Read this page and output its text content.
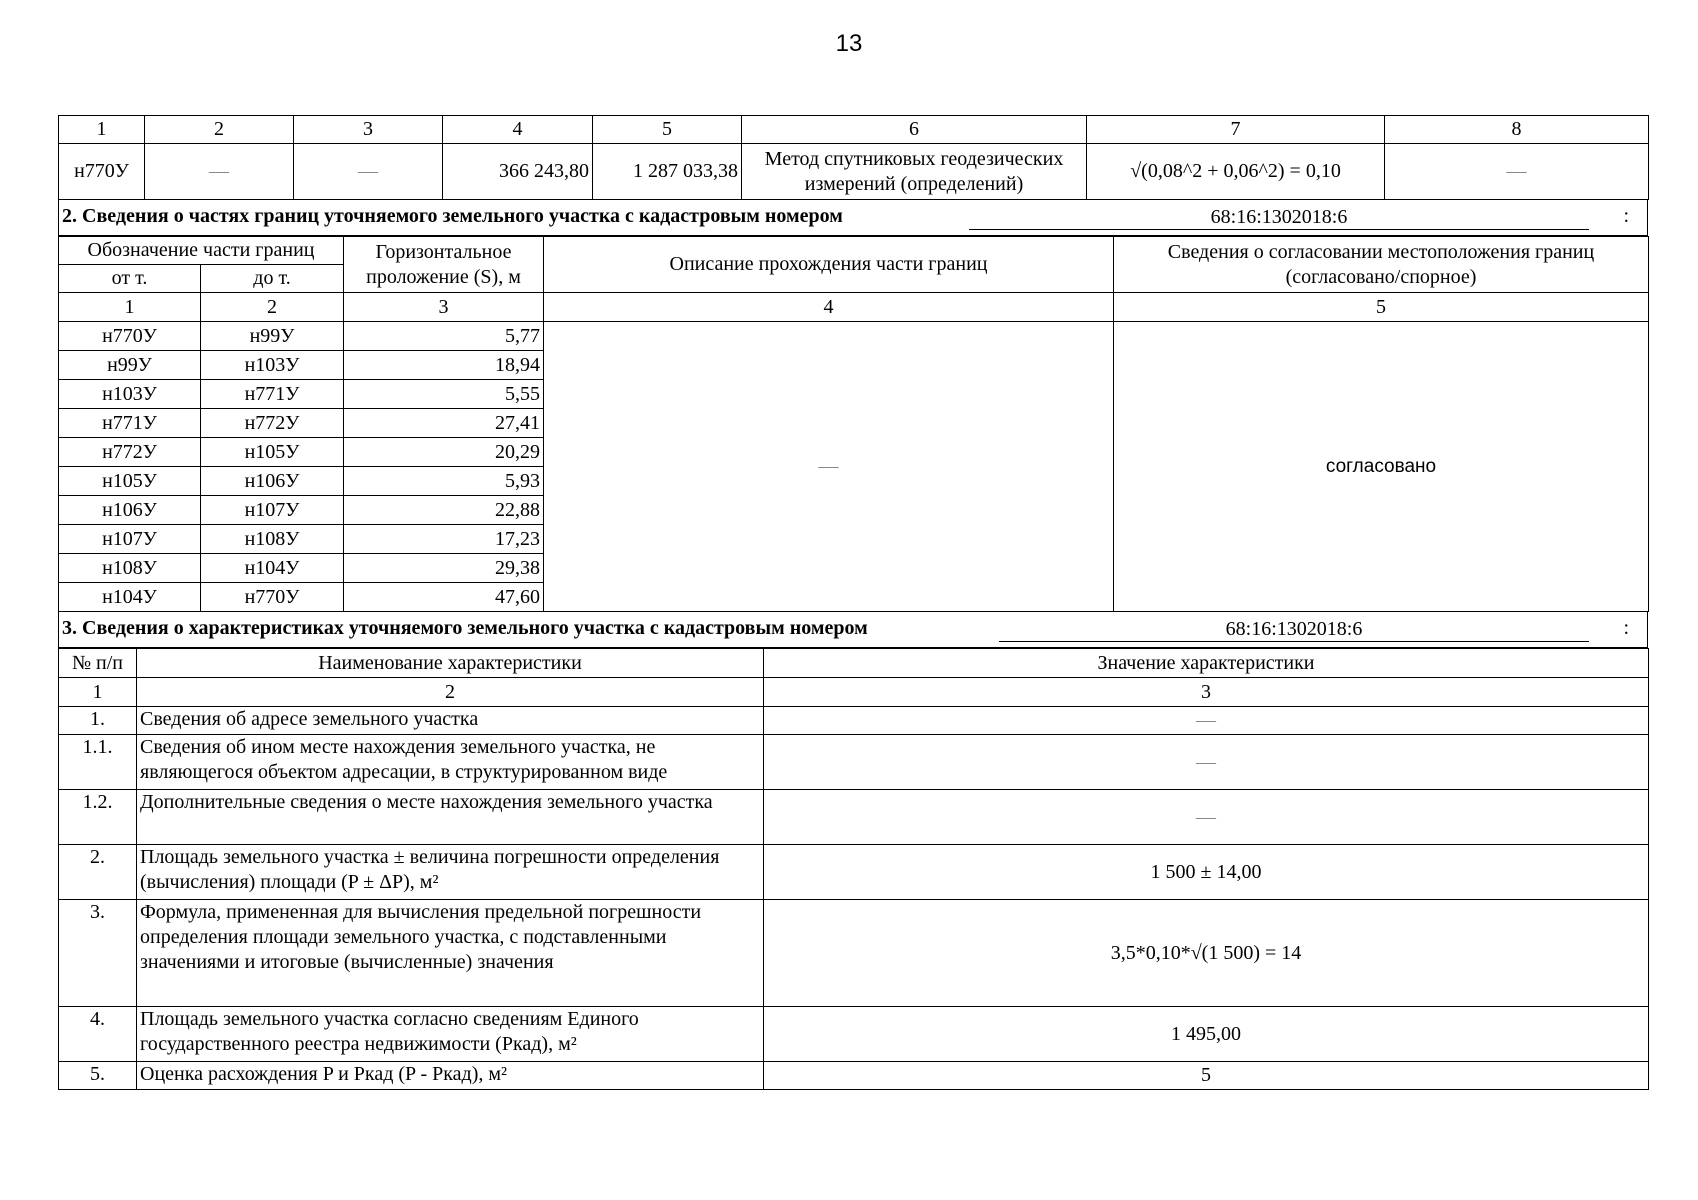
13
1	2	3	4	5	6	7	8
н770У	—	—	366 243,80	1 287 033,38	Метод спутниковых геодезических измерений (определений)	√(0,08^2 + 0,06^2) = 0,10	—
2. Сведения о частях границ уточняемого земельного участка с кадастровым номером	68:16:1302018:6	:
Обозначение части границ		Горизонтальное проложение (S), м	Описание прохождения части границ	Сведения о согласовании местоположения границ (согласовано/спорное)
от т.	до т.			
1	2	3	4	5
н770У	н99У	5,77	—	согласовано
н99У	н103У	18,94		
н103У	н771У	5,55		
н771У	н772У	27,41		
н772У	н105У	20,29		
н105У	н106У	5,93		
н106У	н107У	22,88		
н107У	н108У	17,23		
н108У	н104У	29,38		
н104У	н770У	47,60		
3. Сведения о характеристиках уточняемого земельного участка с кадастровым номером	68:16:1302018:6	:
№ п/п	Наименование характеристики	Значение характеристики
1	2	3
1.	Сведения об адресе земельного участка	—
1.1.	Сведения об ином месте нахождения земельного участка, не являющегося объектом адресации, в структурированном виде	—
1.2.	Дополнительные сведения о месте нахождения земельного участка	—
2.	Площадь земельного участка ± величина погрешности определения (вычисления) площади (P ± ΔP), м²	1 500 ± 14,00
3.	Формула, примененная для вычисления предельной погрешности определения площади земельного участка, с подставленными значениями и итоговые (вычисленные) значения	3,5*0,10*√(1 500) = 14
4.	Площадь земельного участка согласно сведениям Единого государственного реестра недвижимости (Pкад), м²	1 495,00
5.	Оценка расхождения P и Pкад (P - Pкад), м²	5
